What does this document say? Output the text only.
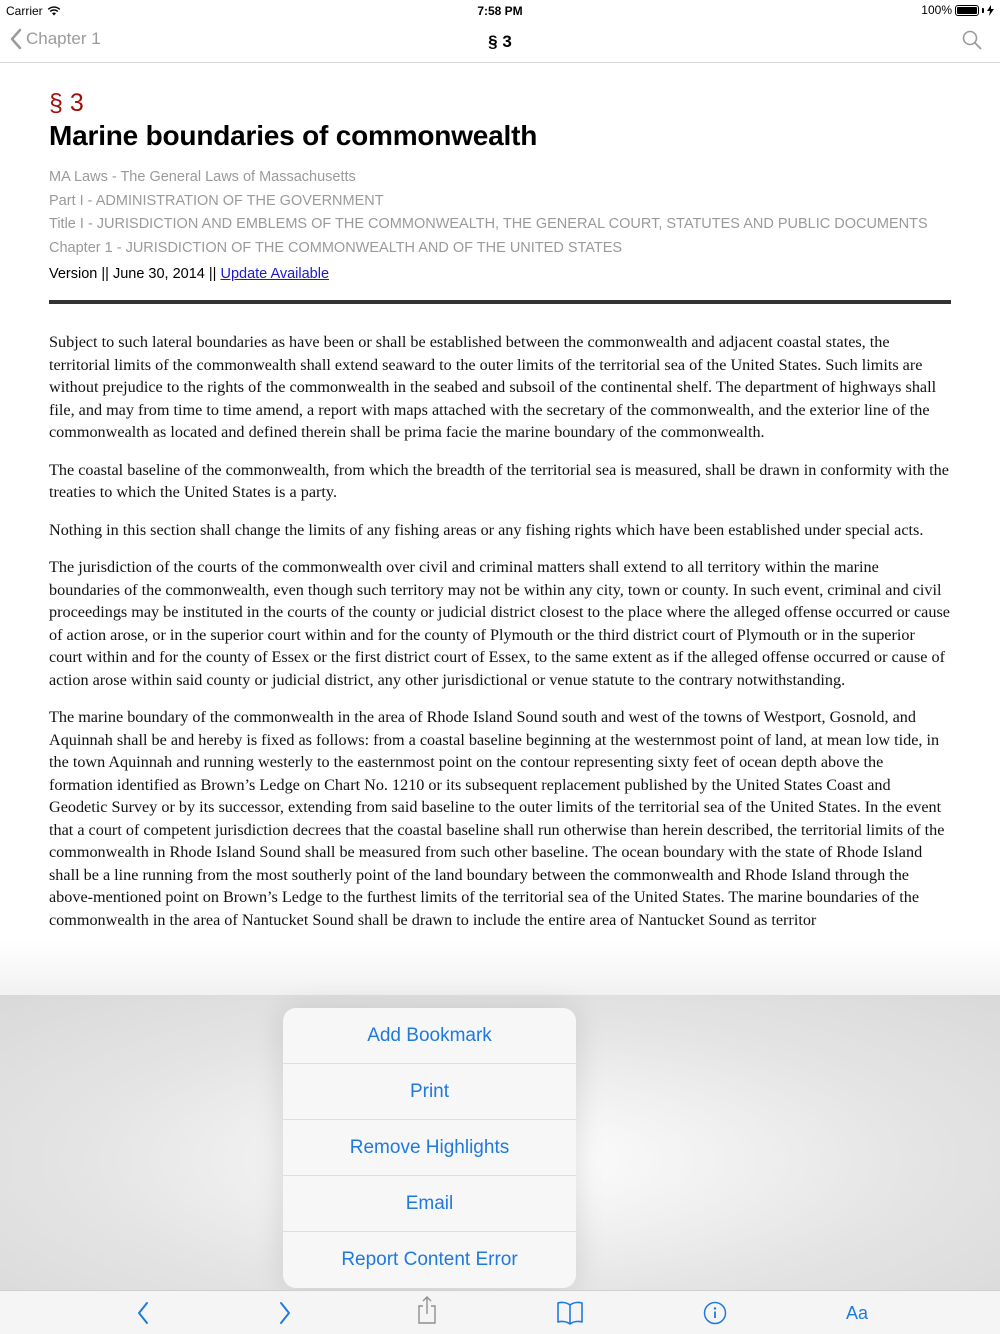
Carrier	7:58 PM	100%
Chapter 1	§ 3
§ 3
Marine boundaries of commonwealth
MA Laws - The General Laws of Massachusetts
Part I - ADMINISTRATION OF THE GOVERNMENT
Title I - JURISDICTION AND EMBLEMS OF THE COMMONWEALTH, THE GENERAL COURT, STATUTES AND PUBLIC DOCUMENTS
Chapter 1 - JURISDICTION OF THE COMMONWEALTH AND OF THE UNITED STATES
Version || June 30, 2014 || Update Available

Subject to such lateral boundaries as have been or shall be established between the commonwealth and adjacent coastal states, the territorial limits of the commonwealth shall extend seaward to the outer limits of the territorial sea of the United States. Such limits are without prejudice to the rights of the commonwealth in the seabed and subsoil of the continental shelf. The department of highways shall file, and may from time to time amend, a report with maps attached with the secretary of the commonwealth, and the exterior line of the commonwealth as located and defined therein shall be prima facie the marine boundary of the commonwealth.

The coastal baseline of the commonwealth, from which the breadth of the territorial sea is measured, shall be drawn in conformity with the treaties to which the United States is a party.

Nothing in this section shall change the limits of any fishing areas or any fishing rights which have been established under special acts.

The jurisdiction of the courts of the commonwealth over civil and criminal matters shall extend to all territory within the marine boundaries of the commonwealth, even though such territory may not be within any city, town or county. In such event, criminal and civil proceedings may be instituted in the courts of the county or judicial district closest to the place where the alleged offense occurred or cause of action arose, or in the superior court within and for the county of Plymouth or the third district court of Plymouth or in the superior court within and for the county of Essex or the first district court of Essex, to the same extent as if the alleged offense occurred or cause of action arose within said county or judicial district, any other jurisdictional or venue statute to the contrary notwithstanding.

The marine boundary of the commonwealth in the area of Rhode Island Sound south and west of the towns of Westport, Gosnold, and Aquinnah shall be and hereby is fixed as follows: from a coastal baseline beginning at the westernmost point of land, at mean low tide, in the town Aquinnah and running westerly to the easternmost point on the contour representing sixty feet of ocean depth above the formation identified as Brown’s Ledge on Chart No. 1210 or its subsequent replacement published by the United States Coast and Geodetic Survey or by its successor, extending from said baseline to the outer limits of the territorial sea of the United States. In the event that a court of competent jurisdiction decrees that the coastal baseline shall run otherwise than herein described, the territorial limits of the commonwealth in Rhode Island Sound shall be measured from such other baseline. The ocean boundary with the state of Rhode Island shall be a line running from the most southerly point of the land boundary between the commonwealth and Rhode Island through the above-mentioned point on Brown’s Ledge to the furthest limits of the territorial sea of the United States. The marine boundaries of the commonwealth in the area of Nantucket Sound shall be drawn to include the entire area of Nantucket Sound as territor

Add Bookmark
Print
Remove Highlights
Email
Report Content Error
Aa
